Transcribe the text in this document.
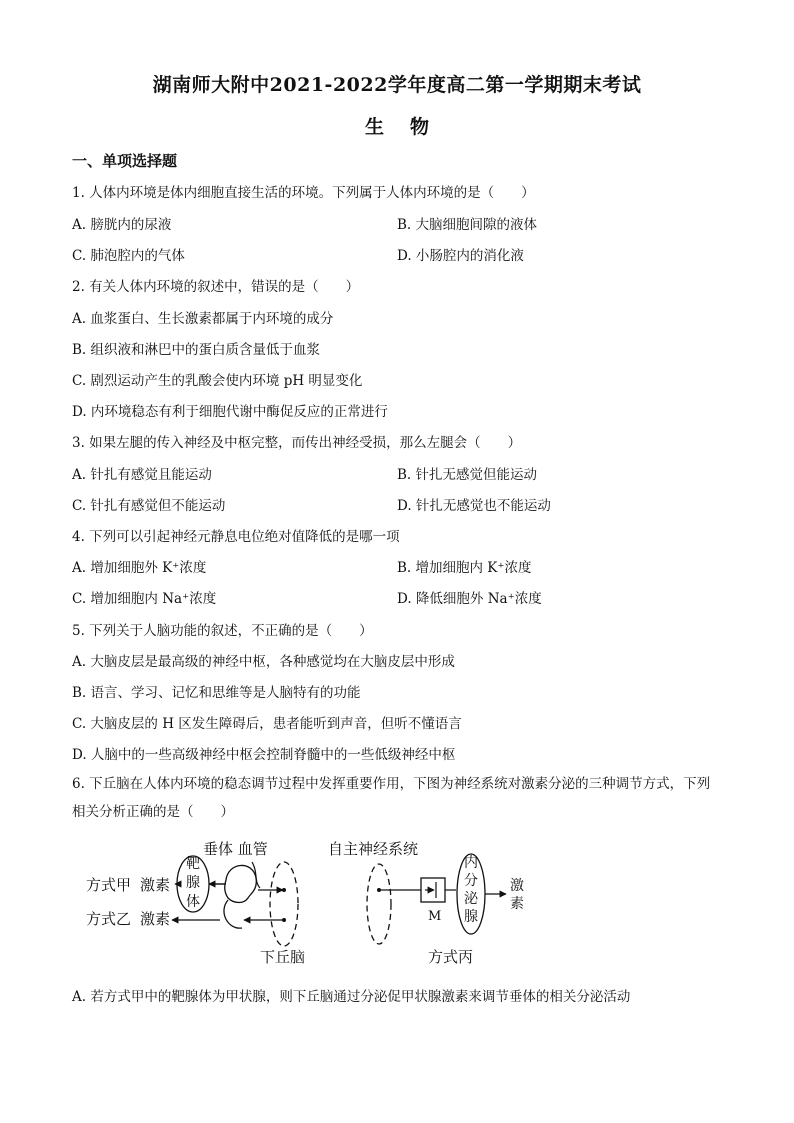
湖南师大附中2021-2022学年度高二第一学期期末考试
生物
一、单项选择题
1. 人体内环境是体内细胞直接生活的环境。下列属于人体内环境的是（　　）
A. 膀胱内的尿液	B. 大脑细胞间隙的液体
C. 肺泡腔内的气体	D. 小肠腔内的消化液
2. 有关人体内环境的叙述中，错误的是（　　）
A. 血浆蛋白、生长激素都属于内环境的成分
B. 组织液和淋巴中的蛋白质含量低于血浆
C. 剧烈运动产生的乳酸会使内环境 pH 明显变化
D. 内环境稳态有利于细胞代谢中酶促反应的正常进行
3. 如果左腿的传入神经及中枢完整，而传出神经受损，那么左腿会（　　）
A. 针扎有感觉且能运动	B. 针扎无感觉但能运动
C. 针扎有感觉但不能运动	D. 针扎无感觉也不能运动
4. 下列可以引起神经元静息电位绝对值降低的是哪一项
A. 增加细胞外 K⁺浓度	B. 增加细胞内 K⁺浓度
C. 增加细胞内 Na⁺浓度	D. 降低细胞外 Na⁺浓度
5. 下列关于人脑功能的叙述，不正确的是（　　）
A. 大脑皮层是最高级的神经中枢，各种感觉均在大脑皮层中形成
B. 语言、学习、记忆和思维等是人脑特有的功能
C. 大脑皮层的 H 区发生障碍后，患者能听到声音，但听不懂语言
D. 人脑中的一些高级神经中枢会控制脊髓中的一些低级神经中枢
6. 下丘脑在人体内环境的稳态调节过程中发挥重要作用，下图为神经系统对激素分泌的三种调节方式，下列相关分析正确的是（　　）
垂体 血管
靶
腺
体
方式甲 激素
方式乙 激素
下丘脑
自主神经系统
M
内
分
泌
腺
激
素
方式丙
A. 若方式甲中的靶腺体为甲状腺，则下丘脑通过分泌促甲状腺激素来调节垂体的相关分泌活动
